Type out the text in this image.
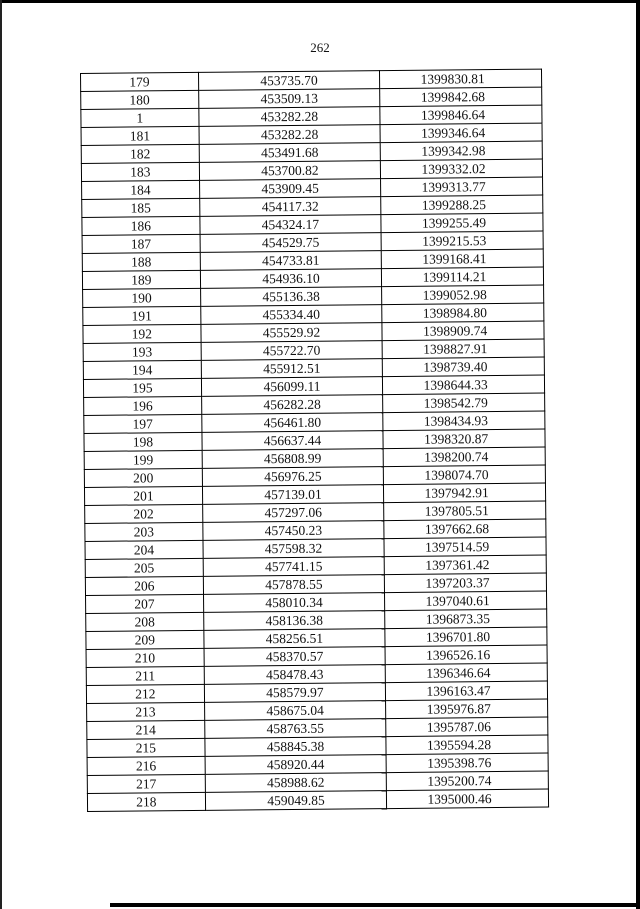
262
179	453735.70	1399830.81
180	453509.13	1399842.68
1	453282.28	1399846.64
181	453282.28	1399346.64
182	453491.68	1399342.98
183	453700.82	1399332.02
184	453909.45	1399313.77
185	454117.32	1399288.25
186	454324.17	1399255.49
187	454529.75	1399215.53
188	454733.81	1399168.41
189	454936.10	1399114.21
190	455136.38	1399052.98
191	455334.40	1398984.80
192	455529.92	1398909.74
193	455722.70	1398827.91
194	455912.51	1398739.40
195	456099.11	1398644.33
196	456282.28	1398542.79
197	456461.80	1398434.93
198	456637.44	1398320.87
199	456808.99	1398200.74
200	456976.25	1398074.70
201	457139.01	1397942.91
202	457297.06	1397805.51
203	457450.23	1397662.68
204	457598.32	1397514.59
205	457741.15	1397361.42
206	457878.55	1397203.37
207	458010.34	1397040.61
208	458136.38	1396873.35
209	458256.51	1396701.80
210	458370.57	1396526.16
211	458478.43	1396346.64
212	458579.97	1396163.47
213	458675.04	1395976.87
214	458763.55	1395787.06
215	458845.38	1395594.28
216	458920.44	1395398.76
217	458988.62	1395200.74
218	459049.85	1395000.46
